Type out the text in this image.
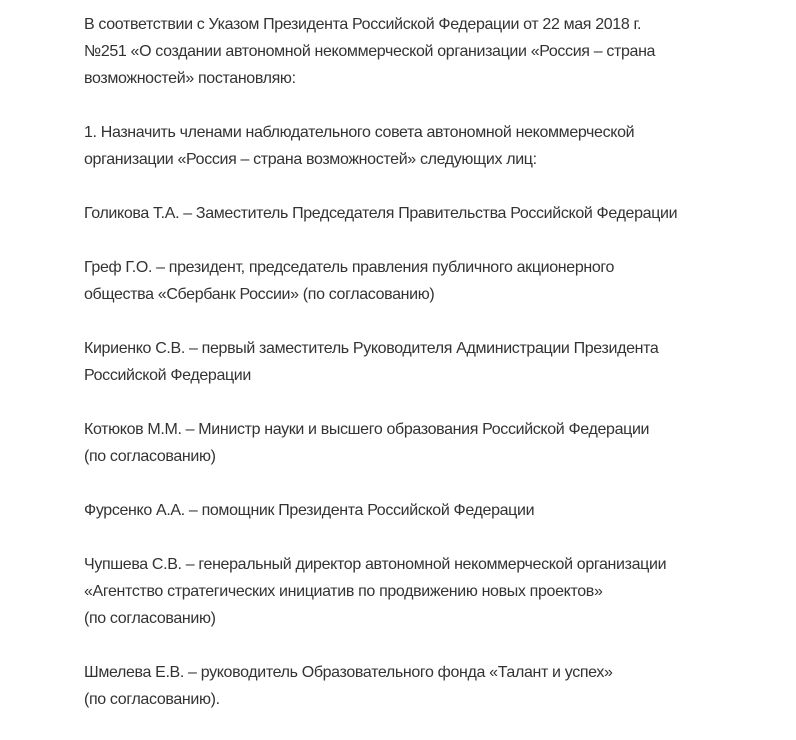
В соответствии с Указом Президента Российской Федерации от 22 мая 2018 г.
№251 «О создании автономной некоммерческой организации «Россия – страна
возможностей» постановляю:

1. Назначить членами наблюдательного совета автономной некоммерческой
организации «Россия – страна возможностей» следующих лиц:

Голикова Т.А. – Заместитель Председателя Правительства Российской Федерации

Греф Г.О. – президент, председатель правления публичного акционерного
общества «Сбербанк России» (по согласованию)

Кириенко С.В. – первый заместитель Руководителя Администрации Президента
Российской Федерации

Котюков М.М. – Министр науки и высшего образования Российской Федерации
(по согласованию)

Фурсенко А.А. – помощник Президента Российской Федерации

Чупшева С.В. – генеральный директор автономной некоммерческой организации
«Агентство стратегических инициатив по продвижению новых проектов»
(по согласованию)

Шмелева Е.В. – руководитель Образовательного фонда «Талант и успех»
(по согласованию).
